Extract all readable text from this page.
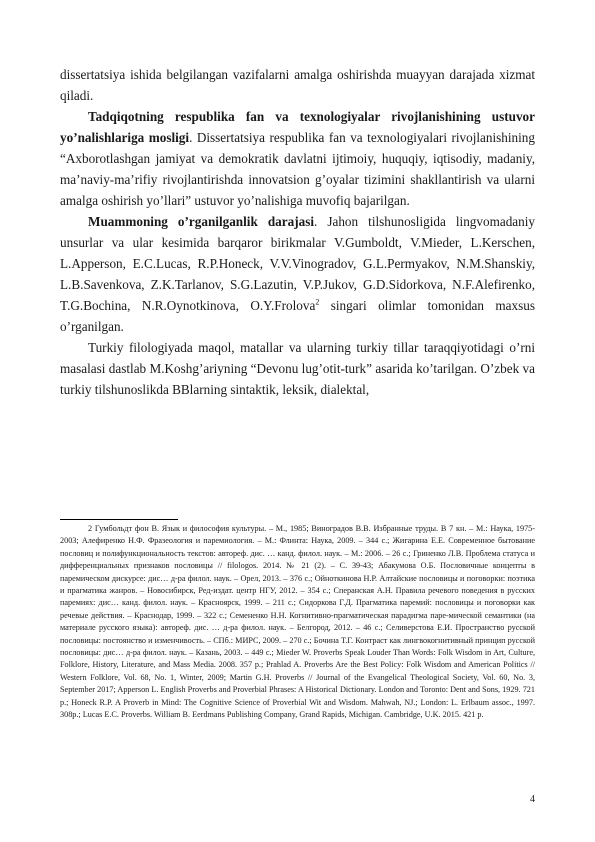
dissertatsiya ishida belgilangan vazifalarni amalga oshirishda muayyan darajada xizmat qiladi.

Tadqiqotning respublika fan va texnologiyalar rivojlanishining ustuvor yo’nalishlariga mosligi. Dissertatsiya respublika fan va texnologiyalari rivojlanishining “Axborotlashgan jamiyat va demokratik davlatni ijtimoiy, huquqiy, iqtisodiy, madaniy, ma’naviy-ma’rifiy rivojlantirishda innovatsion g’oyalar tizimini shakllantirish va ularni amalga oshirish yo’llari” ustuvor yo’nalishiga muvofiq bajarilgan.

Muammoning o’rganilganlik darajasi. Jahon tilshunosligida lingvomadaniy unsurlar va ular kesimida barqaror birikmalar V.Gumboldt, V.Mieder, L.Kerschen, L.Apperson, E.C.Lucas, R.P.Honeck, V.V.Vinogradov, G.L.Permyakov, N.M.Shanskiy, L.B.Savenkova, Z.K.Tarlanov, S.G.Lazutin, V.P.Jukov, G.D.Sidorkova, N.F.Alefirenko, T.G.Bochina, N.R.Oynotkinova, O.Y.Frolova$^2$ singari olimlar tomonidan maxsus o’rganilgan.

Turkiy filologiyada maqol, matallar va ularning turkiy tillar taraqqiyotidagi o’rni masalasi dastlab M.Koshg’ariyning “Devonu lug’otit-turk” asarida ko’tarilgan. O’zbek va turkiy tilshunoslikda BBlarning sintaktik, leksik, dialektal,

2 Гумбольдт фон В. Язык и философия культуры. – М., 1985; Виноградов В.В. Избранные труды. В 7 кн. – М.: Наука, 1975-2003; Алефиренко Н.Ф. Фразеология и паремиология. – М.: Флинта: Наука, 2009. – 344 с.; Жигарина Е.Е. Современное бытование пословиц и полифункциональность текстов: автореф. дис. … канд. филол. наук. – М.: 2006. – 26 с.; Гриненко Л.В. Проблема статуса и дифференциальных признаков пословицы // filologos. 2014. № 21 (2). – С. 39-43; Абакумова О.Б. Пословичные концепты в паремическом дискурсе: дис… д-ра филол. наук. – Орел, 2013. – 376 с.; Ойноткинова Н.Р. Алтайские пословицы и поговорки: поэтика и прагматика жанров. – Новосибирск, Ред-издат. центр НГУ, 2012. – 354 с.; Сперанская А.Н. Правила речевого поведения в русских паремиях: дис… канд. филол. наук. – Красноярск, 1999. – 211 с.; Сидоркова Г.Д. Прагматика паремий: пословицы и поговорки как речевые действия. – Краснодар, 1999. – 322 с.; Семененко Н.Н. Когнитивно-прагматическая парадигма паре-мической семантики (на материале русского языка): автореф. дис. … д-ра филол. наук. – Белгород, 2012. – 46 с.; Селиверстова Е.И. Пространство русской пословицы: постоянство и изменчивость. – СПб.: МИРС, 2009. – 270 с.; Бочина Т.Г. Контраст как лингвокогнитивный принцип русской пословицы: дис… д-ра филол. наук. – Казань, 2003. – 449 с.; Mieder W. Proverbs Speak Louder Than Words: Folk Wisdom in Art, Culture, Folklore, History, Literature, and Mass Media. 2008. 357 p.; Prahlad A. Proverbs Are the Best Policy: Folk Wisdom and American Politics // Western Folklore, Vol. 68, No. 1, Winter, 2009; Martin G.H. Proverbs // Journal of the Evangelical Theological Society, Vol. 60, No. 3, September 2017; Apperson L. English Proverbs and Proverbial Phrases: A Historical Dictionary. London and Toronto: Dent and Sons, 1929. 721 p.; Honeck R.P. A Proverb in Mind: The Cognitive Science of Proverbial Wit and Wisdom. Mahwah, NJ.; London: L. Erlbaum assoc., 1997. 308p.; Lucas E.C. Proverbs. William B. Eerdmans Publishing Company, Grand Rapids, Michigan. Cambridge, U.K. 2015. 421 p.

4
